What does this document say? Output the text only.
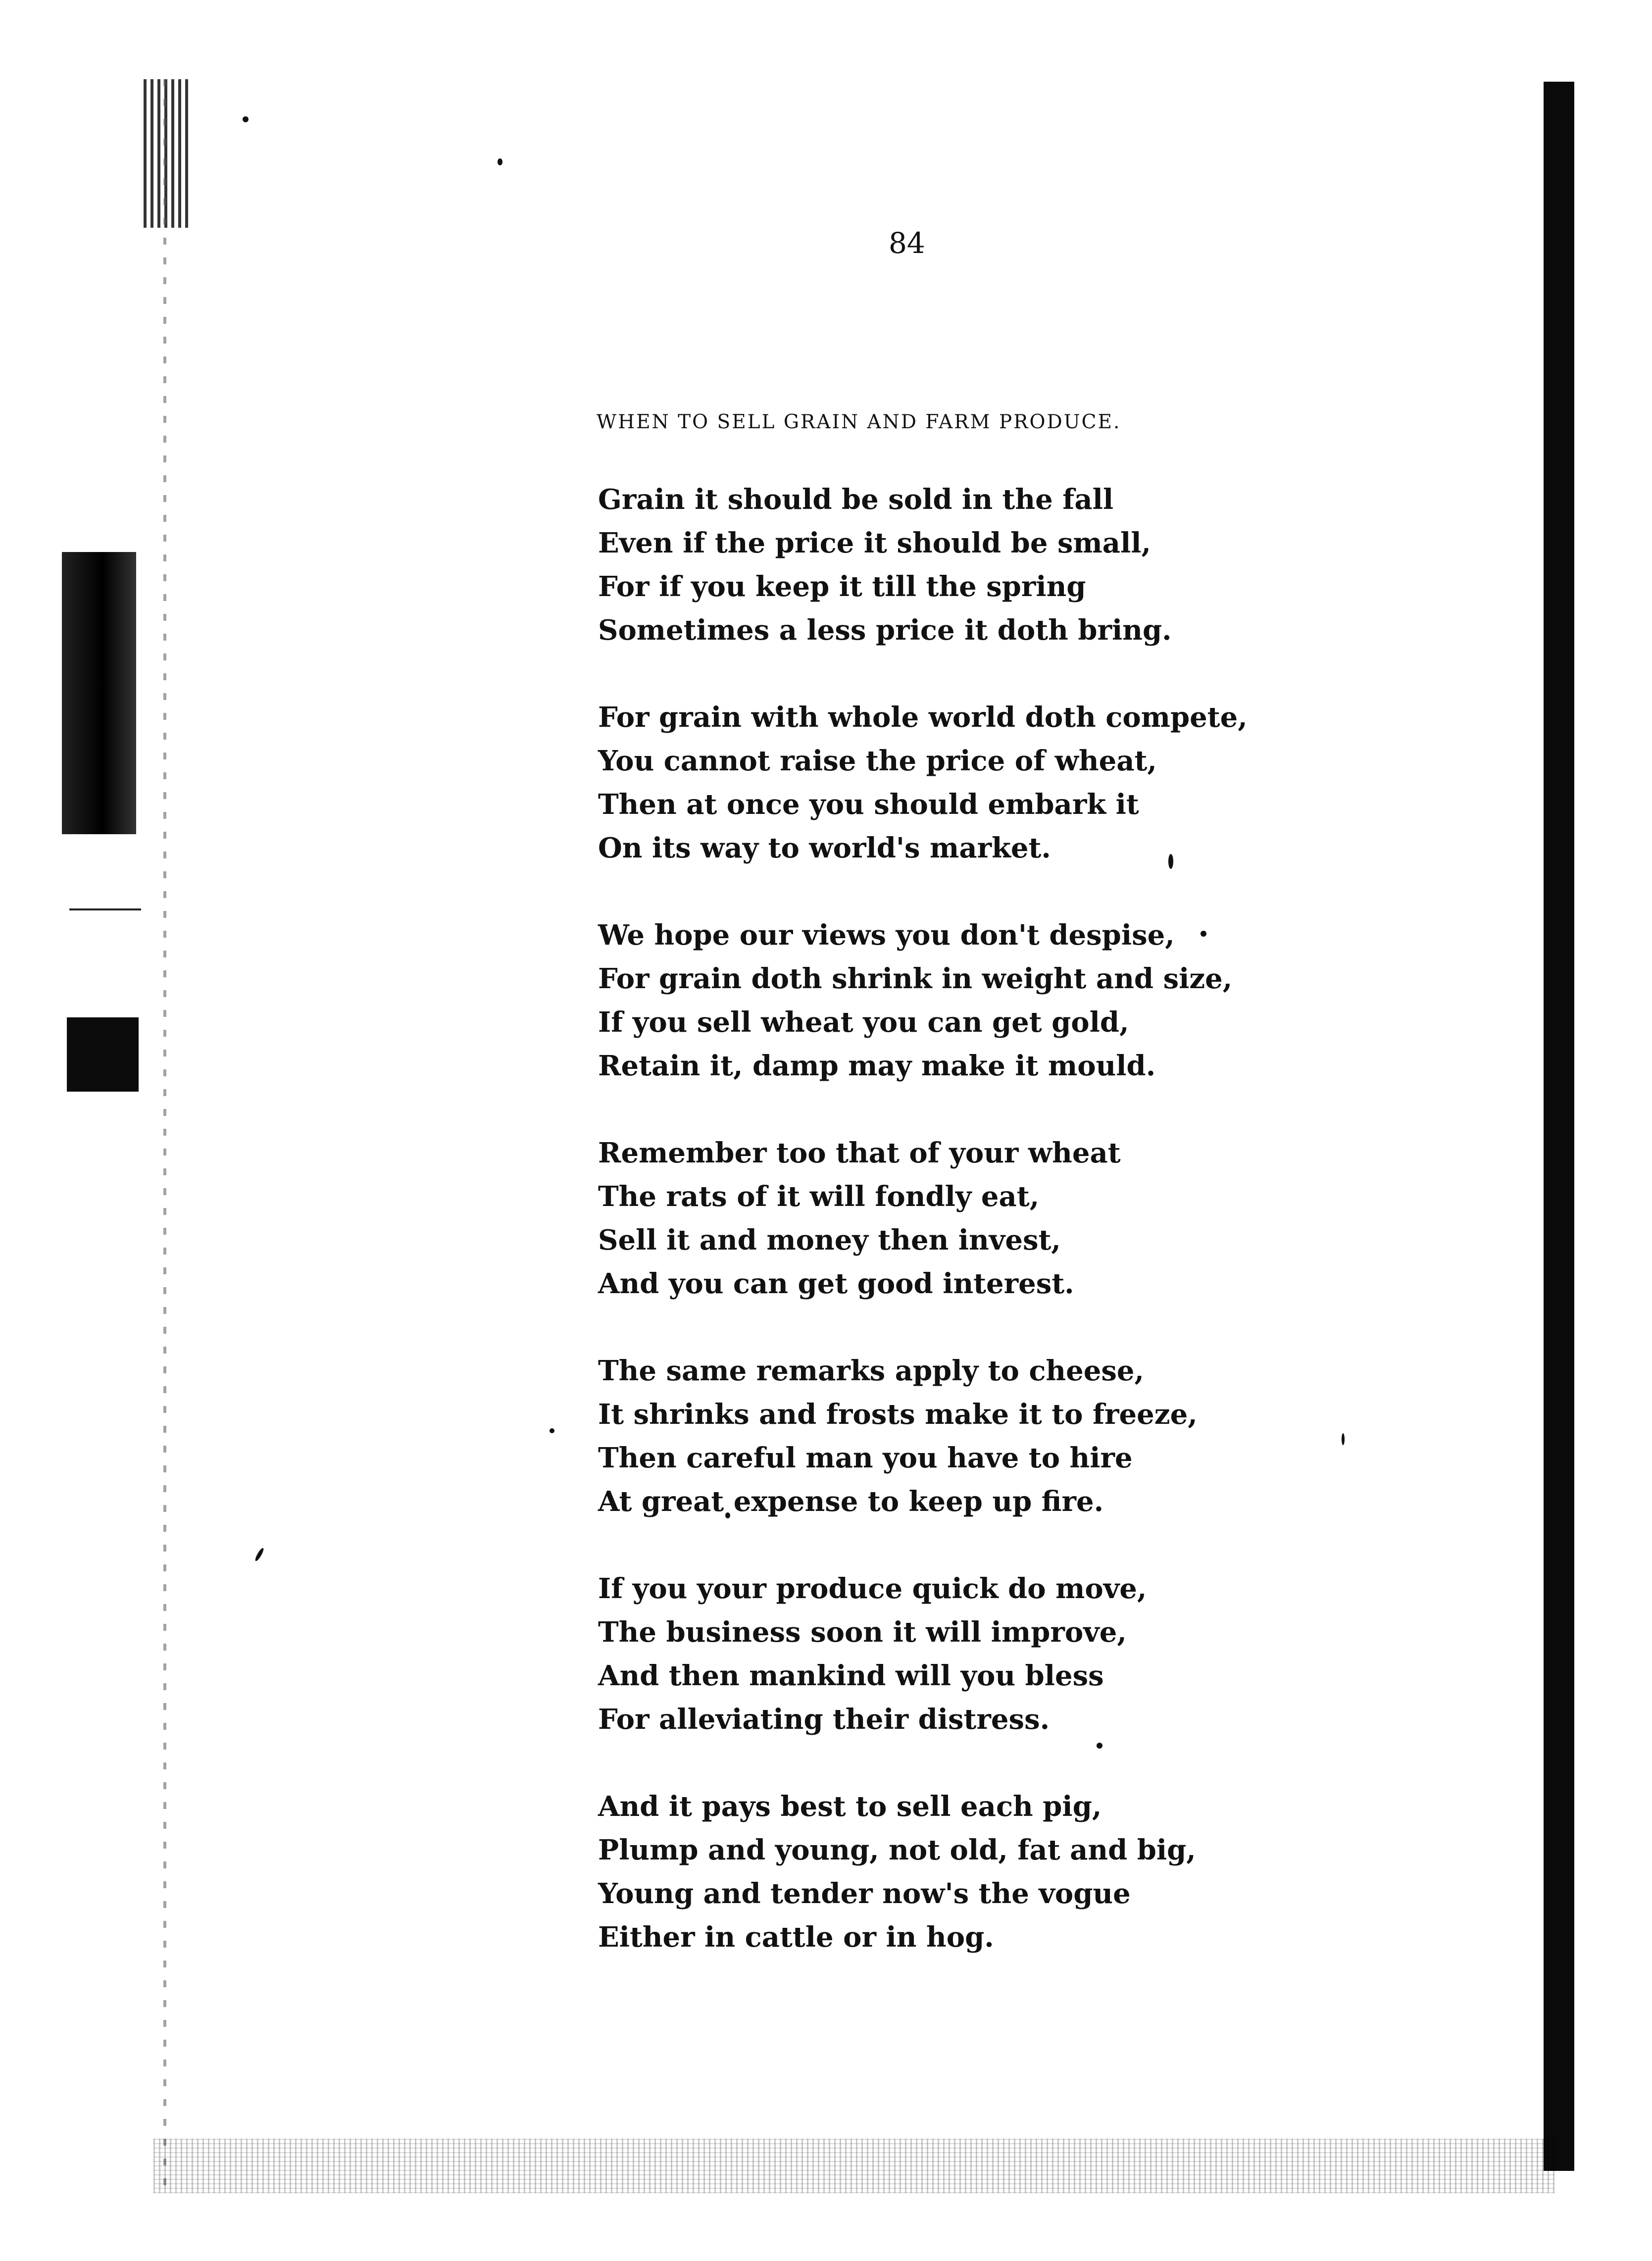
84
WHEN TO SELL GRAIN AND FARM PRODUCE.
Grain it should be sold in the fall
Even if the price it should be small,
For if you keep it till the spring
Sometimes a less price it doth bring.
For grain with whole world doth compete,
You cannot raise the price of wheat,
Then at once you should embark it
On its way to world's market.
We hope our views you don't despise,
For grain doth shrink in weight and size,
If you sell wheat you can get gold,
Retain it, damp may make it mould.
Remember too that of your wheat
The rats of it will fondly eat,
Sell it and money then invest,
And you can get good interest.
The same remarks apply to cheese,
It shrinks and frosts make it to freeze,
Then careful man you have to hire
At great expense to keep up fire.
If you your produce quick do move,
The business soon it will improve,
And then mankind will you bless
For alleviating their distress.
And it pays best to sell each pig,
Plump and young, not old, fat and big,
Young and tender now's the vogue
Either in cattle or in hog.
